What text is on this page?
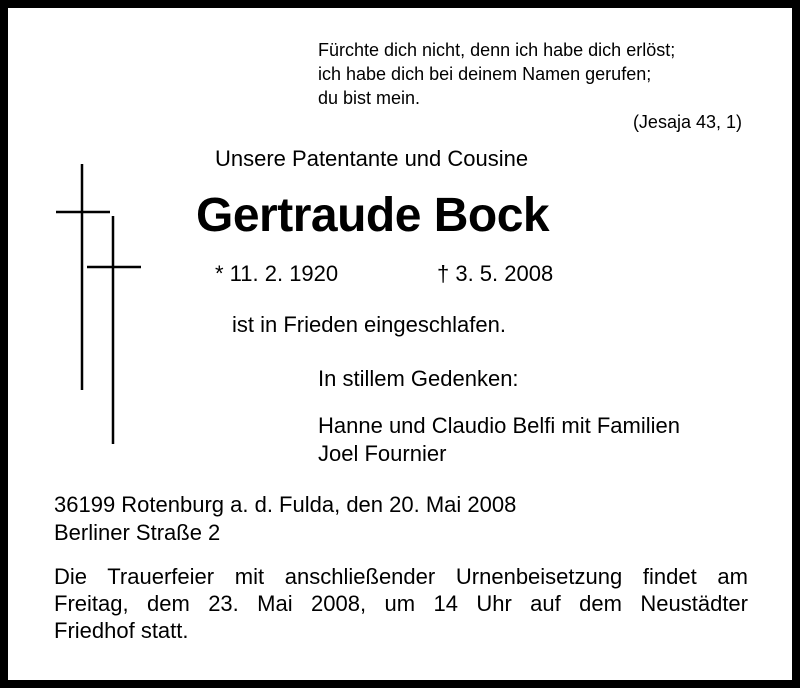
Fürchte dich nicht, denn ich habe dich erlöst;
ich habe dich bei deinem Namen gerufen;
du bist mein.
(Jesaja 43, 1)
Unsere Patentante und Cousine
Gertraude Bock
* 11. 2. 1920	† 3. 5. 2008
ist in Frieden eingeschlafen.
In stillem Gedenken:
Hanne und Claudio Belfi mit Familien
Joel Fournier
36199 Rotenburg a. d. Fulda, den 20. Mai 2008
Berliner Straße 2
Die Trauerfeier mit anschließender Urnenbeisetzung findet am
Freitag, dem 23. Mai 2008, um 14 Uhr auf dem Neustädter
Friedhof statt.
